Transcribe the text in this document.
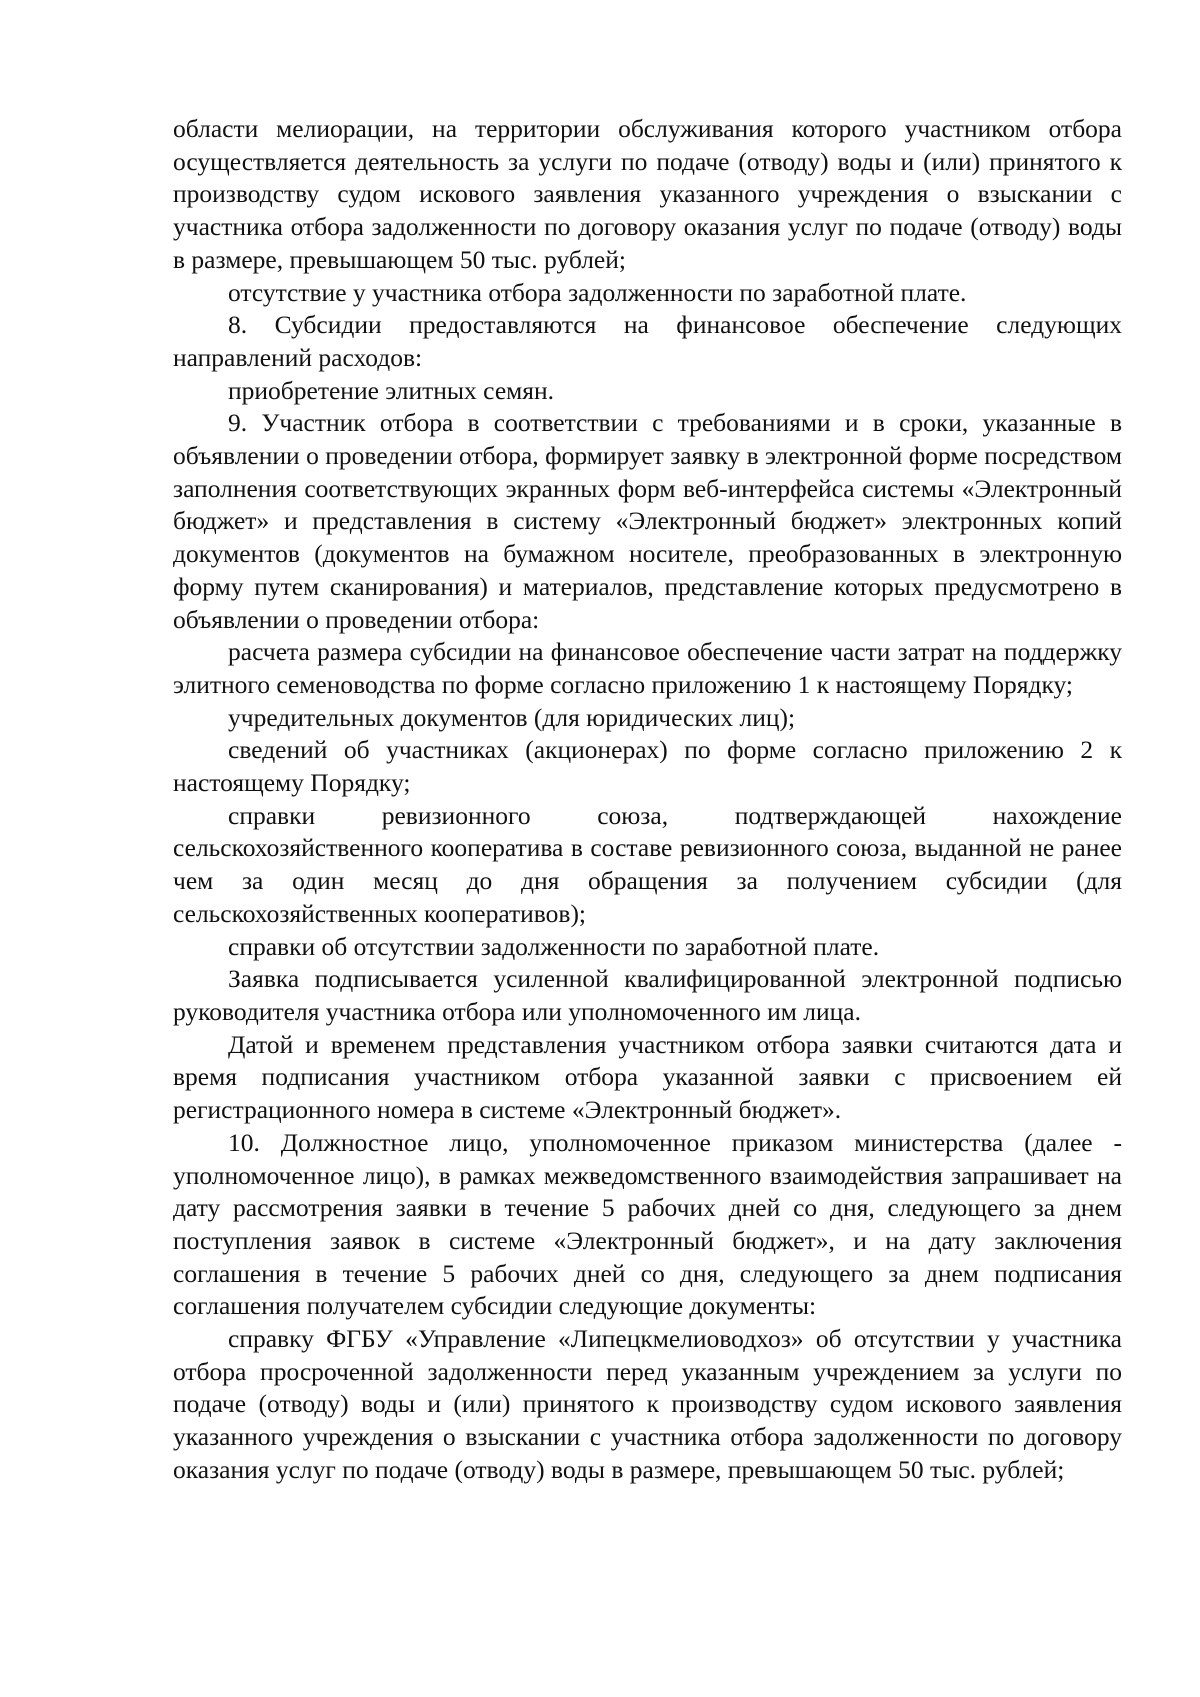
области мелиорации, на территории обслуживания которого участником отбора осуществляется деятельность за услуги по подаче (отводу) воды и (или) принятого к производству судом искового заявления указанного учреждения о взыскании с участника отбора задолженности по договору оказания услуг по подаче (отводу) воды в размере, превышающем 50 тыс. рублей;

отсутствие у участника отбора задолженности по заработной плате.

8. Субсидии предоставляются на финансовое обеспечение следующих направлений расходов:

приобретение элитных семян.

9. Участник отбора в соответствии с требованиями и в сроки, указанные в объявлении о проведении отбора, формирует заявку в электронной форме посредством заполнения соответствующих экранных форм веб-интерфейса системы «Электронный бюджет» и представления в систему «Электронный бюджет» электронных копий документов (документов на бумажном носителе, преобразованных в электронную форму путем сканирования) и материалов, представление которых предусмотрено в объявлении о проведении отбора:

расчета размера субсидии на финансовое обеспечение части затрат на поддержку элитного семеноводства по форме согласно приложению 1 к настоящему Порядку;

учредительных документов (для юридических лиц);

сведений об участниках (акционерах) по форме согласно приложению 2 к настоящему Порядку;

справки ревизионного союза, подтверждающей нахождение сельскохозяйственного кооператива в составе ревизионного союза, выданной не ранее чем за один месяц до дня обращения за получением субсидии (для сельскохозяйственных кооперативов);

справки об отсутствии задолженности по заработной плате.

Заявка подписывается усиленной квалифицированной электронной подписью руководителя участника отбора или уполномоченного им лица.

Датой и временем представления участником отбора заявки считаются дата и время подписания участником отбора указанной заявки с присвоением ей регистрационного номера в системе «Электронный бюджет».

10. Должностное лицо, уполномоченное приказом министерства (далее - уполномоченное лицо), в рамках межведомственного взаимодействия запрашивает на дату рассмотрения заявки в течение 5 рабочих дней со дня, следующего за днем поступления заявок в системе «Электронный бюджет», и на дату заключения соглашения в течение 5 рабочих дней со дня, следующего за днем подписания соглашения получателем субсидии следующие документы:

справку ФГБУ «Управление «Липецкмелиоводхоз» об отсутствии у участника отбора просроченной задолженности перед указанным учреждением за услуги по подаче (отводу) воды и (или) принятого к производству судом искового заявления указанного учреждения о взыскании с участника отбора задолженности по договору оказания услуг по подаче (отводу) воды в размере, превышающем 50 тыс. рублей;
